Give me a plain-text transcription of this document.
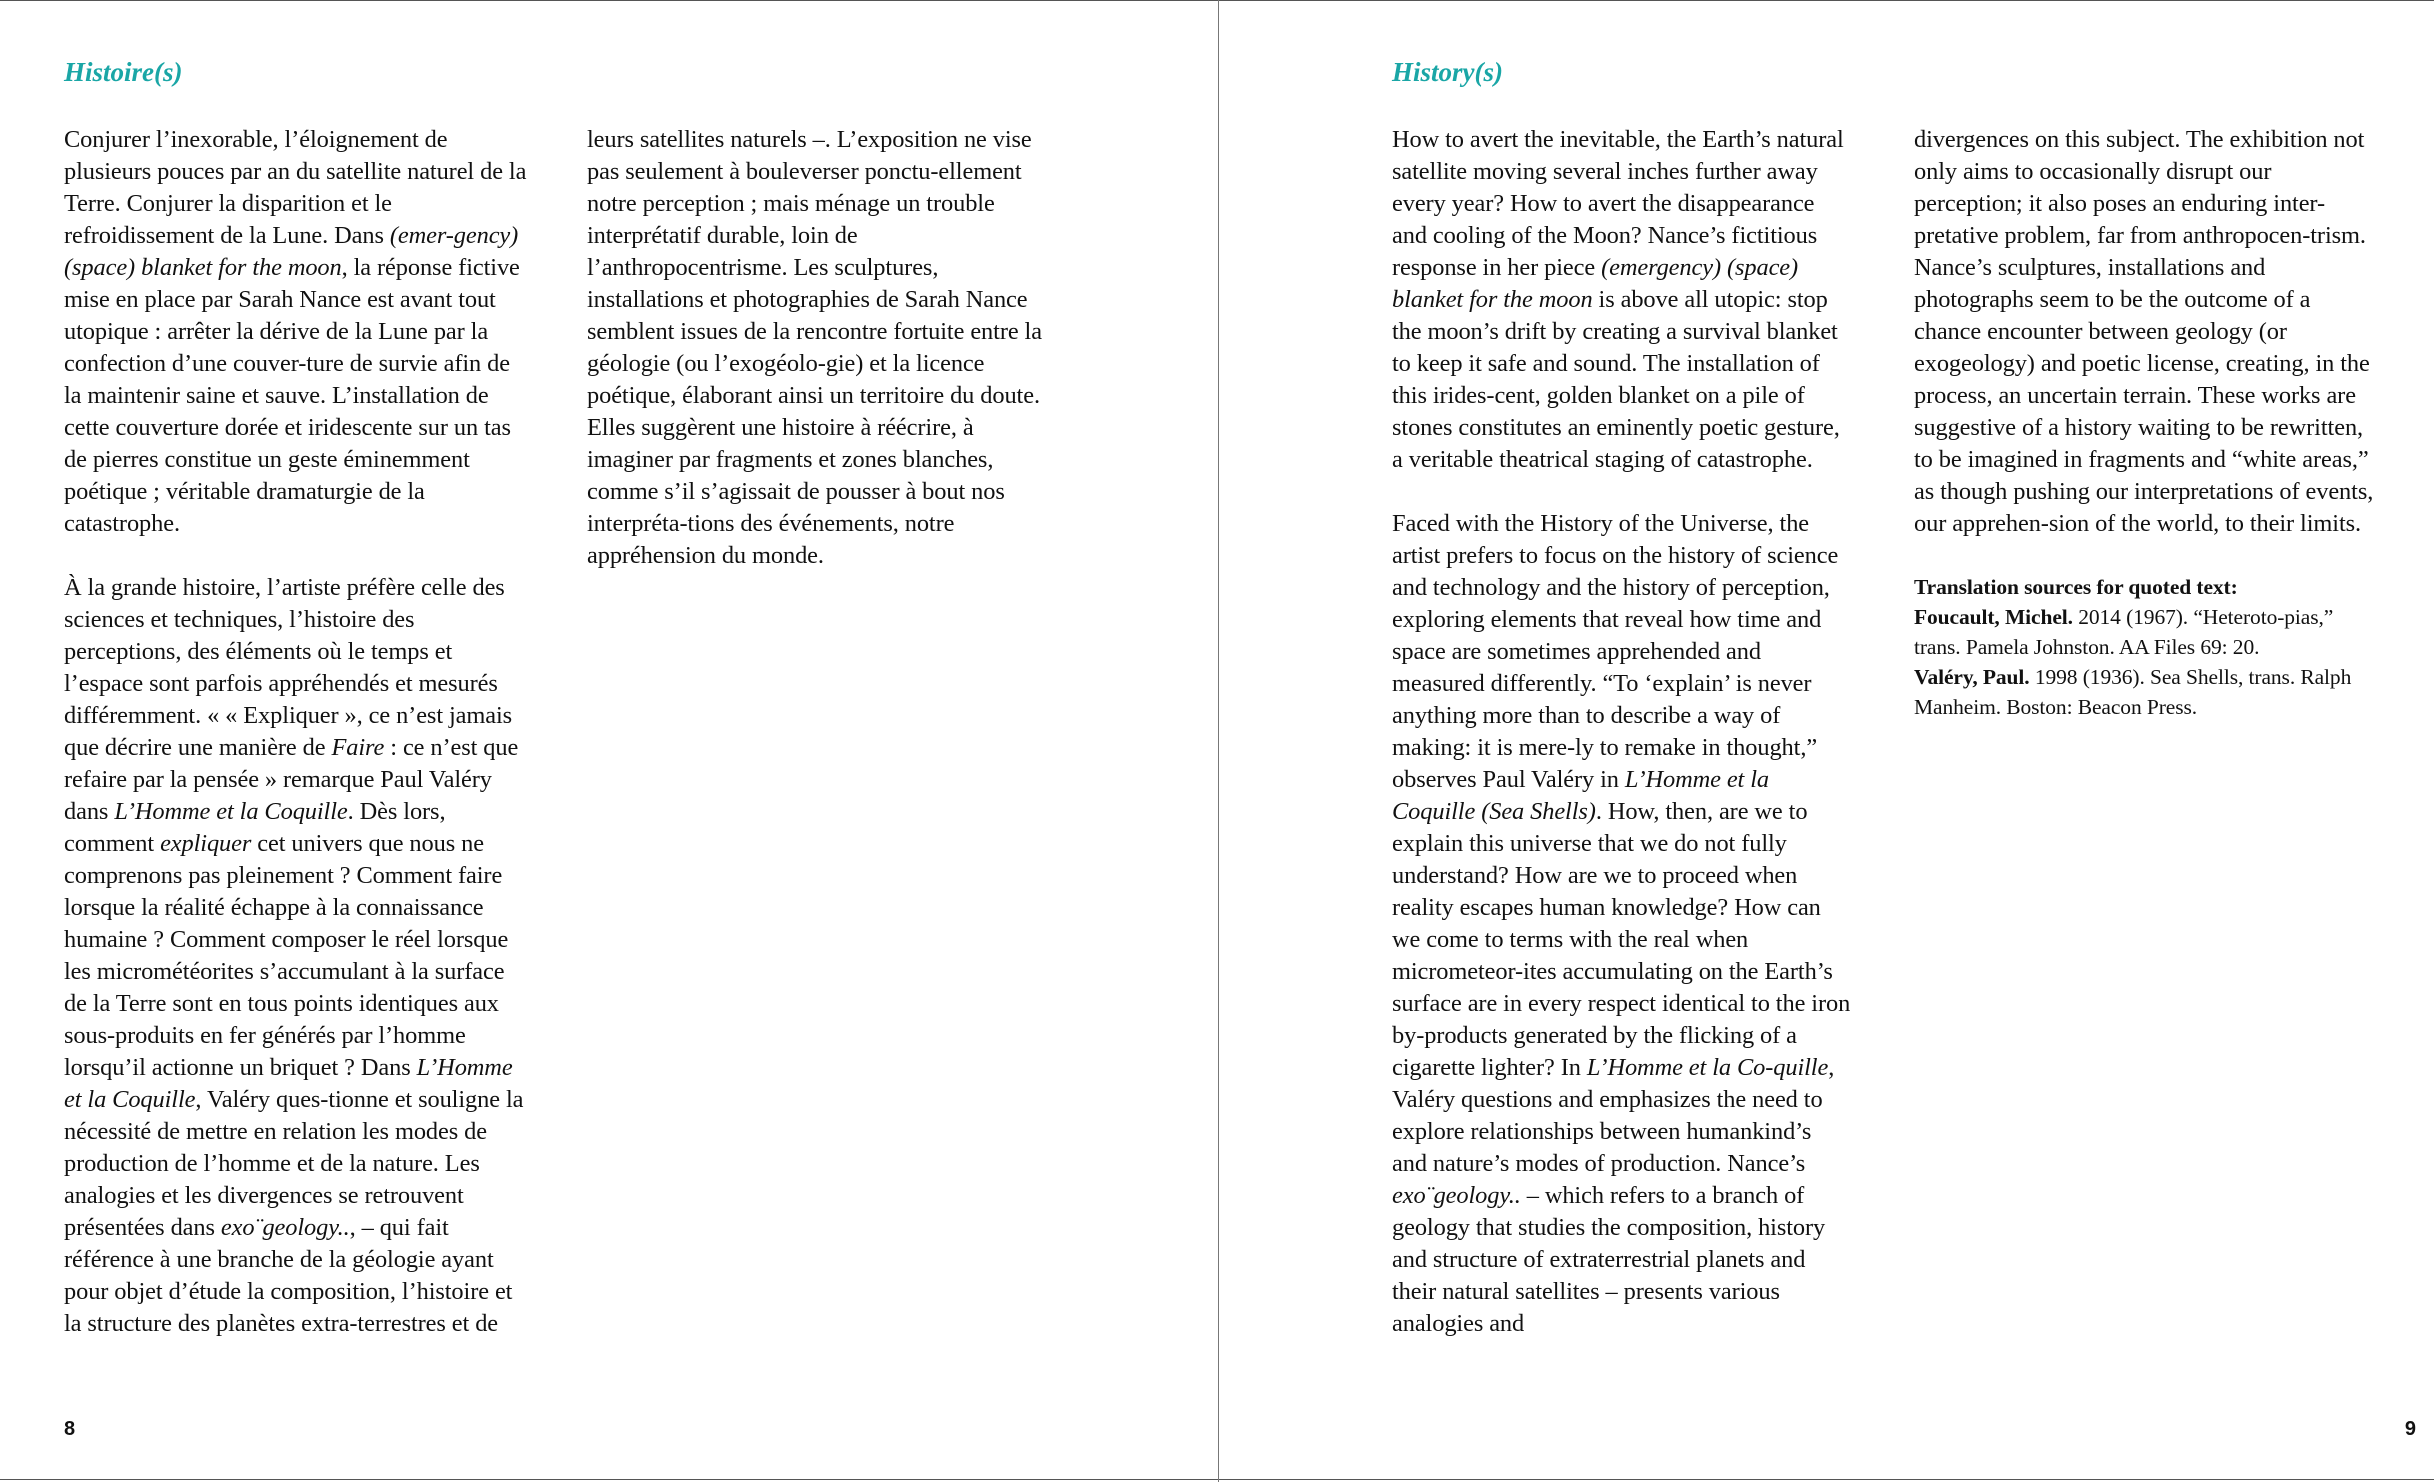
Histoire(s)

Conjurer l’inexorable, l’éloignement de plusieurs pouces par an du satellite naturel de la Terre. Conjurer la disparition et le refroidissement de la Lune. Dans (emer-gency) (space) blanket for the moon, la réponse fictive mise en place par Sarah Nance est avant tout utopique : arrêter la dérive de la Lune par la confection d’une couver-ture de survie afin de la maintenir saine et sauve. L’installation de cette couverture dorée et iridescente sur un tas de pierres constitue un geste éminemment poétique ; véritable dramaturgie de la catastrophe.

À la grande histoire, l’artiste préfère celle des sciences et techniques, l’histoire des perceptions, des éléments où le temps et l’espace sont parfois appréhendés et mesurés différemment. « « Expliquer », ce n’est jamais que décrire une manière de Faire : ce n’est que refaire par la pensée » remarque Paul Valéry dans L’Homme et la Coquille. Dès lors, comment expliquer cet univers que nous ne comprenons pas pleinement ? Comment faire lorsque la réalité échappe à la connaissance humaine ? Comment composer le réel lorsque les micrométéorites s’accumulant à la surface de la Terre sont en tous points identiques aux sous-produits en fer générés par l’homme lorsqu’il actionne un briquet ? Dans L’Homme et la Coquille, Valéry ques-tionne et souligne la nécessité de mettre en relation les modes de production de l’homme et de la nature. Les analogies et les divergences se retrouvent présentées dans exo¨geology.., – qui fait référence à une branche de la géologie ayant pour objet d’étude la composition, l’histoire et la structure des planètes extra-terrestres et de

leurs satellites naturels –. L’exposition ne vise pas seulement à bouleverser ponctu-ellement notre perception ; mais ménage un trouble interprétatif durable, loin de l’anthropocentrisme. Les sculptures, installations et photographies de Sarah Nance semblent issues de la rencontre fortuite entre la géologie (ou l’exogéolo-gie) et la licence poétique, élaborant ainsi un territoire du doute. Elles suggèrent une histoire à réécrire, à imaginer par fragments et zones blanches, comme s’il s’agissait de pousser à bout nos interpréta-tions des événements, notre appréhension du monde.

8
History(s)

How to avert the inevitable, the Earth’s natural satellite moving several inches further away every year? How to avert the disappearance and cooling of the Moon? Nance’s fictitious response in her piece (emergency) (space) blanket for the moon is above all utopic: stop the moon’s drift by creating a survival blanket to keep it safe and sound. The installation of this irides-cent, golden blanket on a pile of stones constitutes an eminently poetic gesture, a veritable theatrical staging of catastrophe.

Faced with the History of the Universe, the artist prefers to focus on the history of science and technology and the history of perception, exploring elements that reveal how time and space are sometimes apprehended and measured differently. “To ‘explain’ is never anything more than to describe a way of making: it is mere-ly to remake in thought,” observes Paul Valéry in L’Homme et la Coquille (Sea Shells). How, then, are we to explain this universe that we do not fully understand? How are we to proceed when reality escapes human knowledge? How can we come to terms with the real when micrometeor-ites accumulating on the Earth’s surface are in every respect identical to the iron by-products generated by the flicking of a cigarette lighter? In L’Homme et la Co-quille, Valéry questions and emphasizes the need to explore relationships between humankind’s and nature’s modes of production. Nance’s exo¨geology.. – which refers to a branch of geology that studies the composition, history and structure of extraterrestrial planets and their natural satellites – presents various analogies and

divergences on this subject. The exhibition not only aims to occasionally disrupt our perception; it also poses an enduring inter-pretative problem, far from anthropocen-trism. Nance’s sculptures, installations and photographs seem to be the outcome of a chance encounter between geology (or exogeology) and poetic license, creating, in the process, an uncertain terrain. These works are suggestive of a history waiting to be rewritten, to be imagined in fragments and “white areas,” as though pushing our interpretations of events, our apprehen-sion of the world, to their limits.

Translation sources for quoted text:
Foucault, Michel. 2014 (1967). “Heteroto-pias,” trans. Pamela Johnston. AA Files 69: 20.
Valéry, Paul. 1998 (1936). Sea Shells, trans. Ralph Manheim. Boston: Beacon Press.
9
